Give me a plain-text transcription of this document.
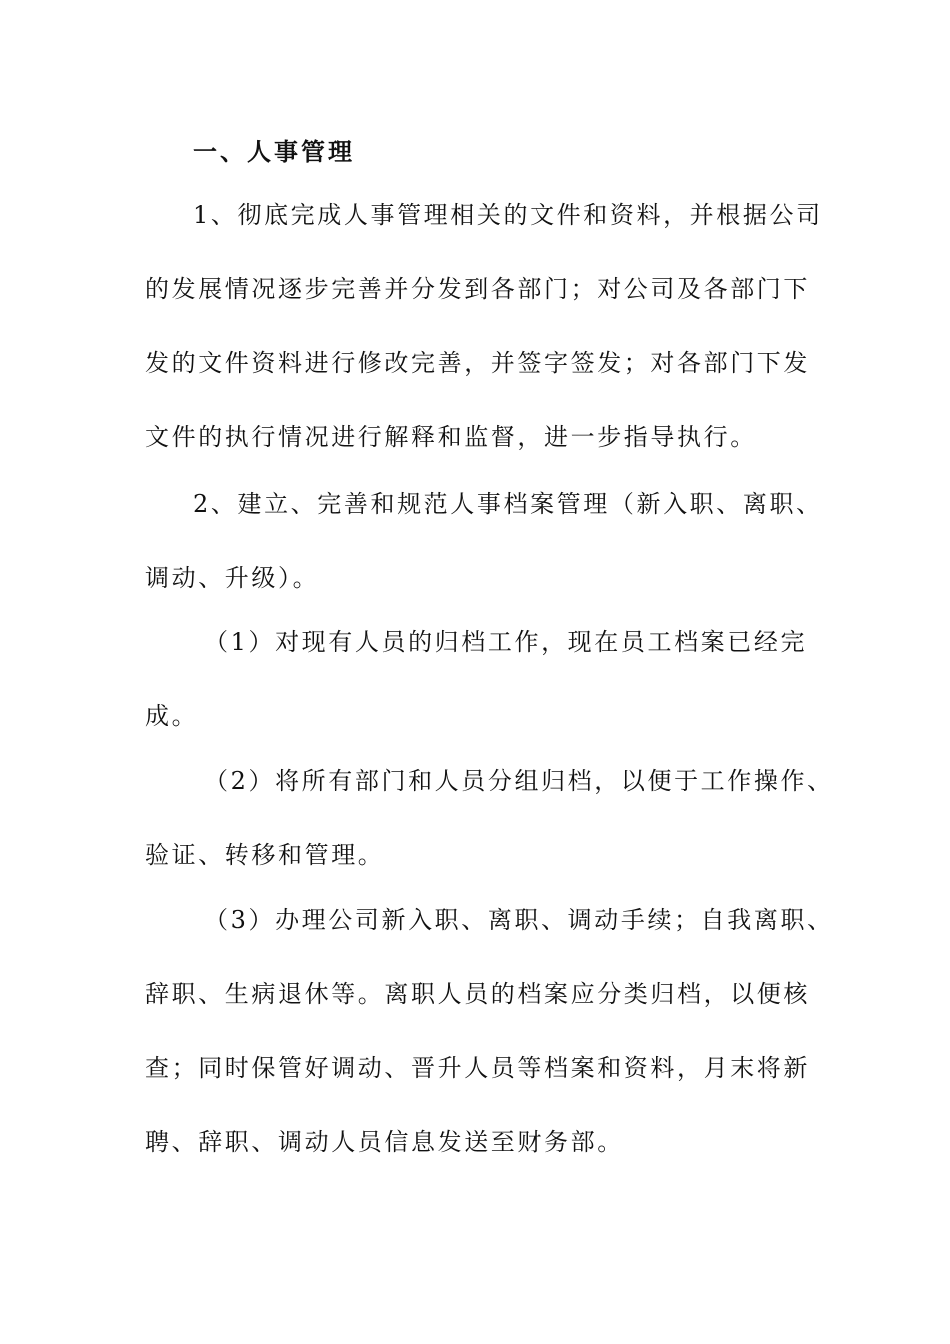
一、人事管理
1、彻底完成人事管理相关的文件和资料，并根据公司
的发展情况逐步完善并分发到各部门；对公司及各部门下
发的文件资料进行修改完善，并签字签发；对各部门下发
文件的执行情况进行解释和监督，进一步指导执行。
2、建立、完善和规范人事档案管理（新入职、离职、
调动、升级）。
（1）对现有人员的归档工作，现在员工档案已经完
成。
（2）将所有部门和人员分组归档，以便于工作操作、
验证、转移和管理。
（3）办理公司新入职、离职、调动手续；自我离职、
辞职、生病退休等。离职人员的档案应分类归档，以便核
查；同时保管好调动、晋升人员等档案和资料，月末将新
聘、辞职、调动人员信息发送至财务部。
